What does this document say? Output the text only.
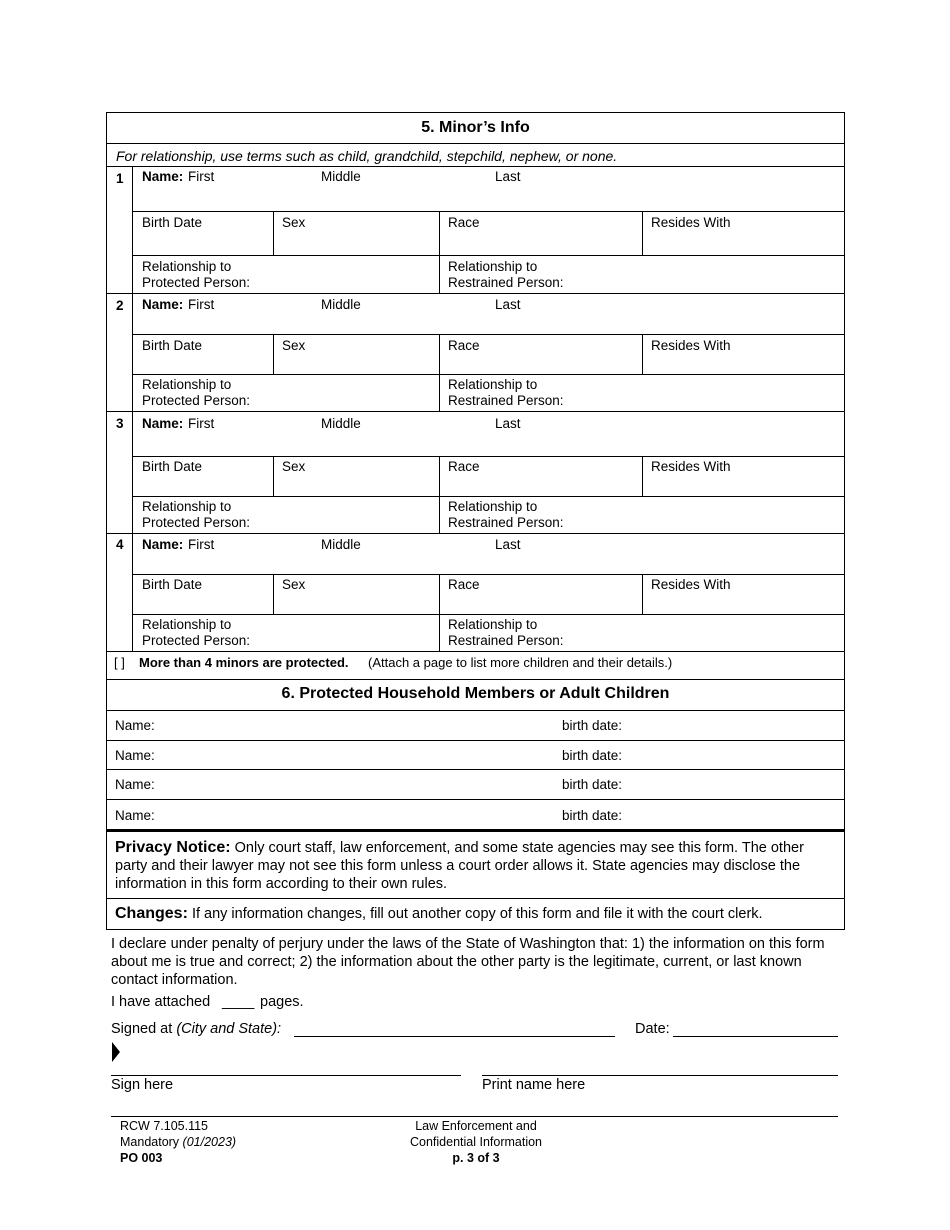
5. Minor’s Info
For relationship, use terms such as child, grandchild, stepchild, nephew, or none.
1 Name: First	Middle	Last
Birth Date	Sex	Race	Resides With
Relationship to
Protected Person:
Relationship to
Restrained Person:
2 Name: First	Middle	Last
Birth Date	Sex	Race	Resides With
Relationship to
Protected Person:
Relationship to
Restrained Person:
3 Name: First	Middle	Last
Birth Date	Sex	Race	Resides With
Relationship to
Protected Person:
Relationship to
Restrained Person:
4 Name: First	Middle	Last
Birth Date	Sex	Race	Resides With
Relationship to
Protected Person:
Relationship to
Restrained Person:
[ ] More than 4 minors are protected. (Attach a page to list more children and their details.)
6. Protected Household Members or Adult Children
Name:	birth date:
Name:	birth date:
Name:	birth date:
Name:	birth date:
Privacy Notice: Only court staff, law enforcement, and some state agencies may see this form. The other party and their lawyer may not see this form unless a court order allows it. State agencies may disclose the information in this form according to their own rules.
Changes: If any information changes, fill out another copy of this form and file it with the court clerk.
I declare under penalty of perjury under the laws of the State of Washington that: 1) the information on this form about me is true and correct; 2) the information about the other party is the legitimate, current, or last known contact information.
I have attached ____ pages.
Signed at (City and State):	Date:
Sign here	Print name here
RCW 7.105.115
Mandatory (01/2023)
PO 003
Law Enforcement and
Confidential Information
p. 3 of 3
